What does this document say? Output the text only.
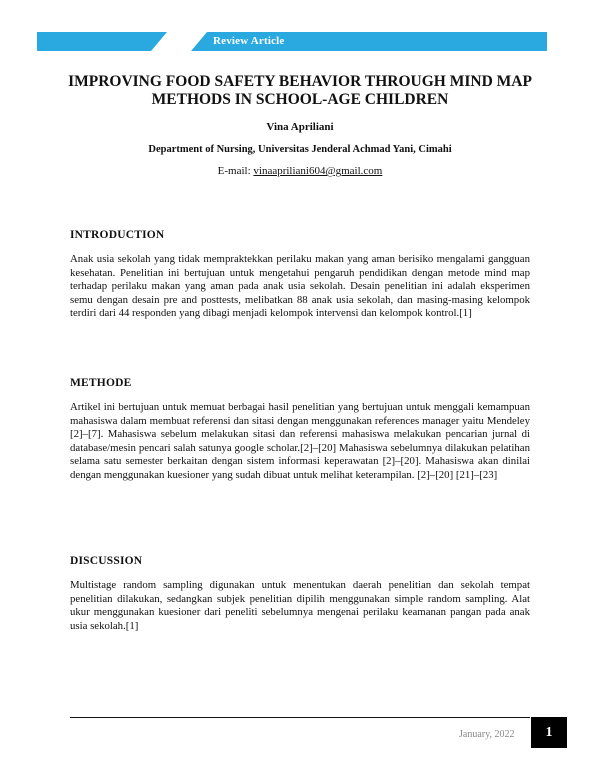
Review Article
IMPROVING FOOD SAFETY BEHAVIOR THROUGH MIND MAP METHODS IN SCHOOL-AGE CHILDREN
Vina Apriliani
Department of Nursing, Universitas Jenderal Achmad Yani, Cimahi
E-mail: vinaapriliani604@gmail.com
INTRODUCTION

Anak usia sekolah yang tidak mempraktekkan perilaku makan yang aman berisiko mengalami gangguan kesehatan. Penelitian ini bertujuan untuk mengetahui pengaruh pendidikan dengan metode mind map terhadap perilaku makan yang aman pada anak usia sekolah. Desain penelitian ini adalah eksperimen semu dengan desain pre and posttests, melibatkan 88 anak usia sekolah, dan masing-masing kelompok terdiri dari 44 responden yang dibagi menjadi kelompok intervensi dan kelompok kontrol.[1]

METHODE

Artikel ini bertujuan untuk memuat berbagai hasil penelitian yang bertujuan untuk menggali kemampuan mahasiswa dalam membuat referensi dan sitasi dengan menggunakan references manager yaitu Mendeley [2]–[7]. Mahasiswa sebelum melakukan sitasi dan referensi mahasiswa melakukan pencarian jurnal di database/mesin pencari salah satunya google scholar.[2]–[20] Mahasiswa sebelumnya dilakukan pelatihan selama satu semester berkaitan dengan sistem informasi keperawatan [2]–[20]. Mahasiswa akan dinilai dengan menggunakan kuesioner yang sudah dibuat untuk melihat keterampilan. [2]–[20] [21]–[23]

DISCUSSION

Multistage random sampling digunakan untuk menentukan daerah penelitian dan sekolah tempat penelitian dilakukan, sedangkan subjek penelitian dipilih menggunakan simple random sampling. Alat ukur menggunakan kuesioner dari peneliti sebelumnya mengenai perilaku keamanan pangan pada anak usia sekolah.[1]

January, 2022	1
